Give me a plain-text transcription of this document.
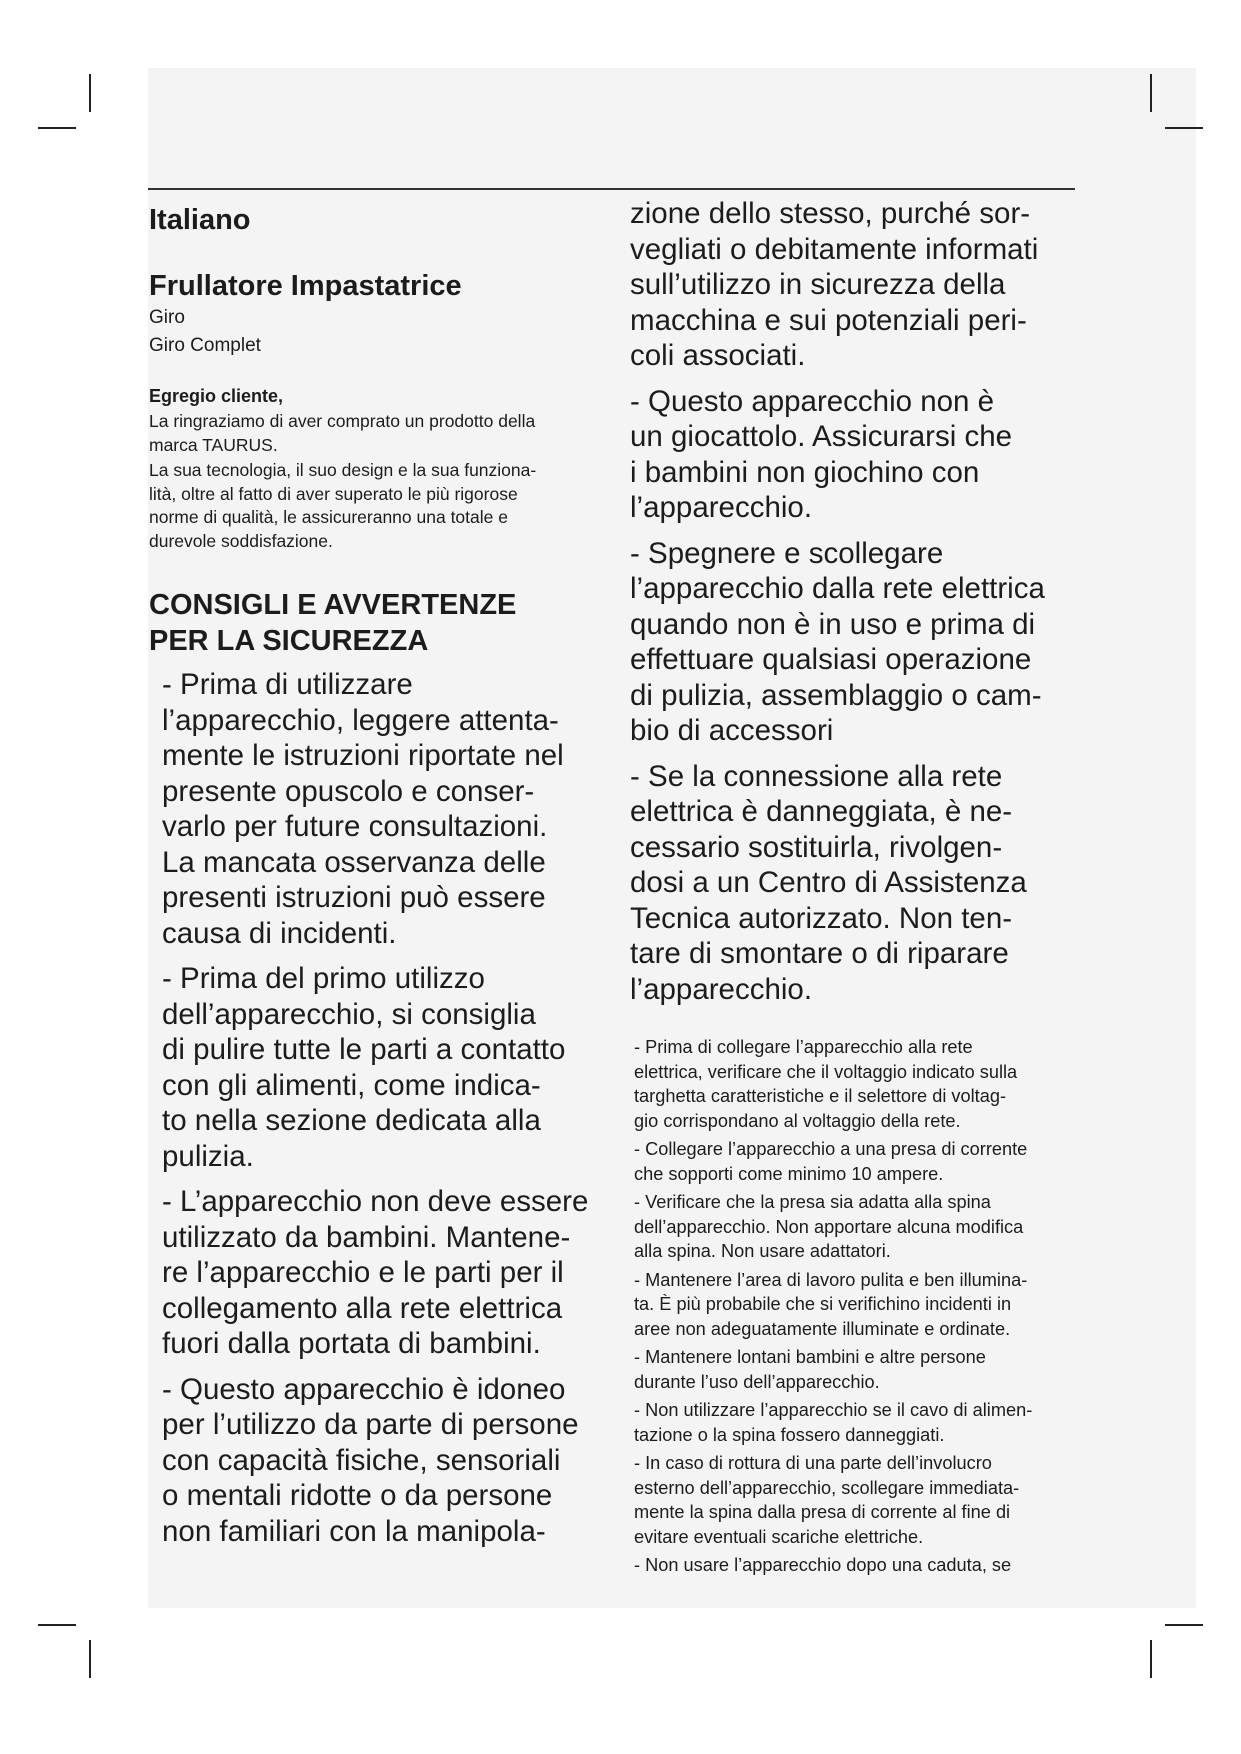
Italiano
Frullatore Impastatrice
Giro
Giro Complet
Egregio cliente,
La ringraziamo di aver comprato un prodotto della
marca TAURUS.
La sua tecnologia, il suo design e la sua funziona-
lità, oltre al fatto di aver superato le più rigorose
norme di qualità, le assicureranno una totale e
durevole soddisfazione.
CONSIGLI E AVVERTENZE
PER LA SICUREZZA
- Prima di utilizzare
l’apparecchio, leggere attenta-
mente le istruzioni riportate nel
presente opuscolo e conser-
varlo per future consultazioni.
La mancata osservanza delle
presenti istruzioni può essere
causa di incidenti.
- Prima del primo utilizzo
dell’apparecchio, si consiglia
di pulire tutte le parti a contatto
con gli alimenti, come indica-
to nella sezione dedicata alla
pulizia.
- L’apparecchio non deve essere
utilizzato da bambini. Mantene-
re l’apparecchio e le parti per il
collegamento alla rete elettrica
fuori dalla portata di bambini.
- Questo apparecchio è idoneo
per l’utilizzo da parte di persone
con capacità fisiche, sensoriali
o mentali ridotte o da persone
non familiari con la manipola-
zione dello stesso, purché sor-
vegliati o debitamente informati
sull’utilizzo in sicurezza della
macchina e sui potenziali peri-
coli associati.
- Questo apparecchio non è
un giocattolo. Assicurarsi che
i bambini non giochino con
l’apparecchio.
- Spegnere e scollegare
l’apparecchio dalla rete elettrica
quando non è in uso e prima di
effettuare qualsiasi operazione
di pulizia, assemblaggio o cam-
bio di accessori
- Se la connessione alla rete
elettrica è danneggiata, è ne-
cessario sostituirla, rivolgen-
dosi a un Centro di Assistenza
Tecnica autorizzato. Non ten-
tare di smontare o di riparare
l’apparecchio.
- Prima di collegare l’apparecchio alla rete
elettrica, verificare che il voltaggio indicato sulla
targhetta caratteristiche e il selettore di voltag-
gio corrispondano al voltaggio della rete.
- Collegare l’apparecchio a una presa di corrente
che sopporti come minimo 10 ampere.
- Verificare che la presa sia adatta alla spina
dell’apparecchio. Non apportare alcuna modifica
alla spina. Non usare adattatori.
- Mantenere l’area di lavoro pulita e ben illumina-
ta. È più probabile che si verifichino incidenti in
aree non adeguatamente illuminate e ordinate.
- Mantenere lontani bambini e altre persone
durante l’uso dell’apparecchio.
- Non utilizzare l’apparecchio se il cavo di alimen-
tazione o la spina fossero danneggiati.
- In caso di rottura di una parte dell’involucro
esterno dell’apparecchio, scollegare immediata-
mente la spina dalla presa di corrente al fine di
evitare eventuali scariche elettriche.
- Non usare l’apparecchio dopo una caduta, se
